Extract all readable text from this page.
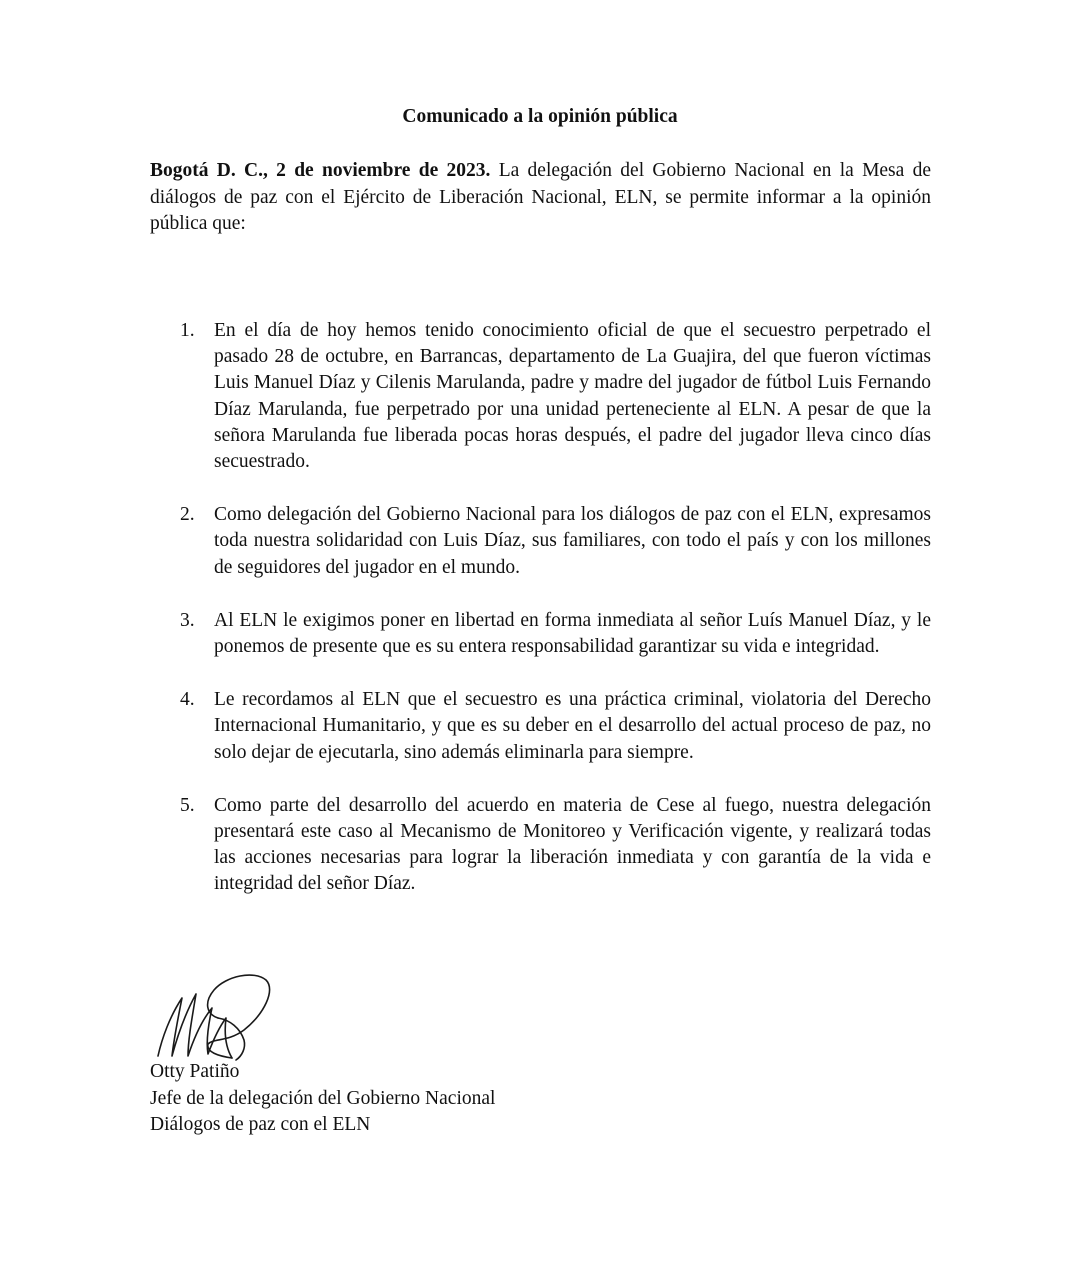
Comunicado a la opinión pública

Bogotá D. C., 2 de noviembre de 2023. La delegación del Gobierno Nacional en la Mesa de diálogos de paz con el Ejército de Liberación Nacional, ELN, se permite informar a la opinión pública que:

1. En el día de hoy hemos tenido conocimiento oficial de que el secuestro perpetrado el pasado 28 de octubre, en Barrancas, departamento de La Guajira, del que fueron víctimas Luis Manuel Díaz y Cilenis Marulanda, padre y madre del jugador de fútbol Luis Fernando Díaz Marulanda, fue perpetrado por una unidad perteneciente al ELN. A pesar de que la señora Marulanda fue liberada pocas horas después, el padre del jugador lleva cinco días secuestrado.
2. Como delegación del Gobierno Nacional para los diálogos de paz con el ELN, expresamos toda nuestra solidaridad con Luis Díaz, sus familiares, con todo el país y con los millones de seguidores del jugador en el mundo.
3. Al ELN le exigimos poner en libertad en forma inmediata al señor Luís Manuel Díaz, y le ponemos de presente que es su entera responsabilidad garantizar su vida e integridad.
4. Le recordamos al ELN que el secuestro es una práctica criminal, violatoria del Derecho Internacional Humanitario, y que es su deber en el desarrollo del actual proceso de paz, no solo dejar de ejecutarla, sino además eliminarla para siempre.
5. Como parte del desarrollo del acuerdo en materia de Cese al fuego, nuestra delegación presentará este caso al Mecanismo de Monitoreo y Verificación vigente, y realizará todas las acciones necesarias para lograr la liberación inmediata y con garantía de la vida e integridad del señor Díaz.
Otty Patiño
Jefe de la delegación del Gobierno Nacional
Diálogos de paz con el ELN
